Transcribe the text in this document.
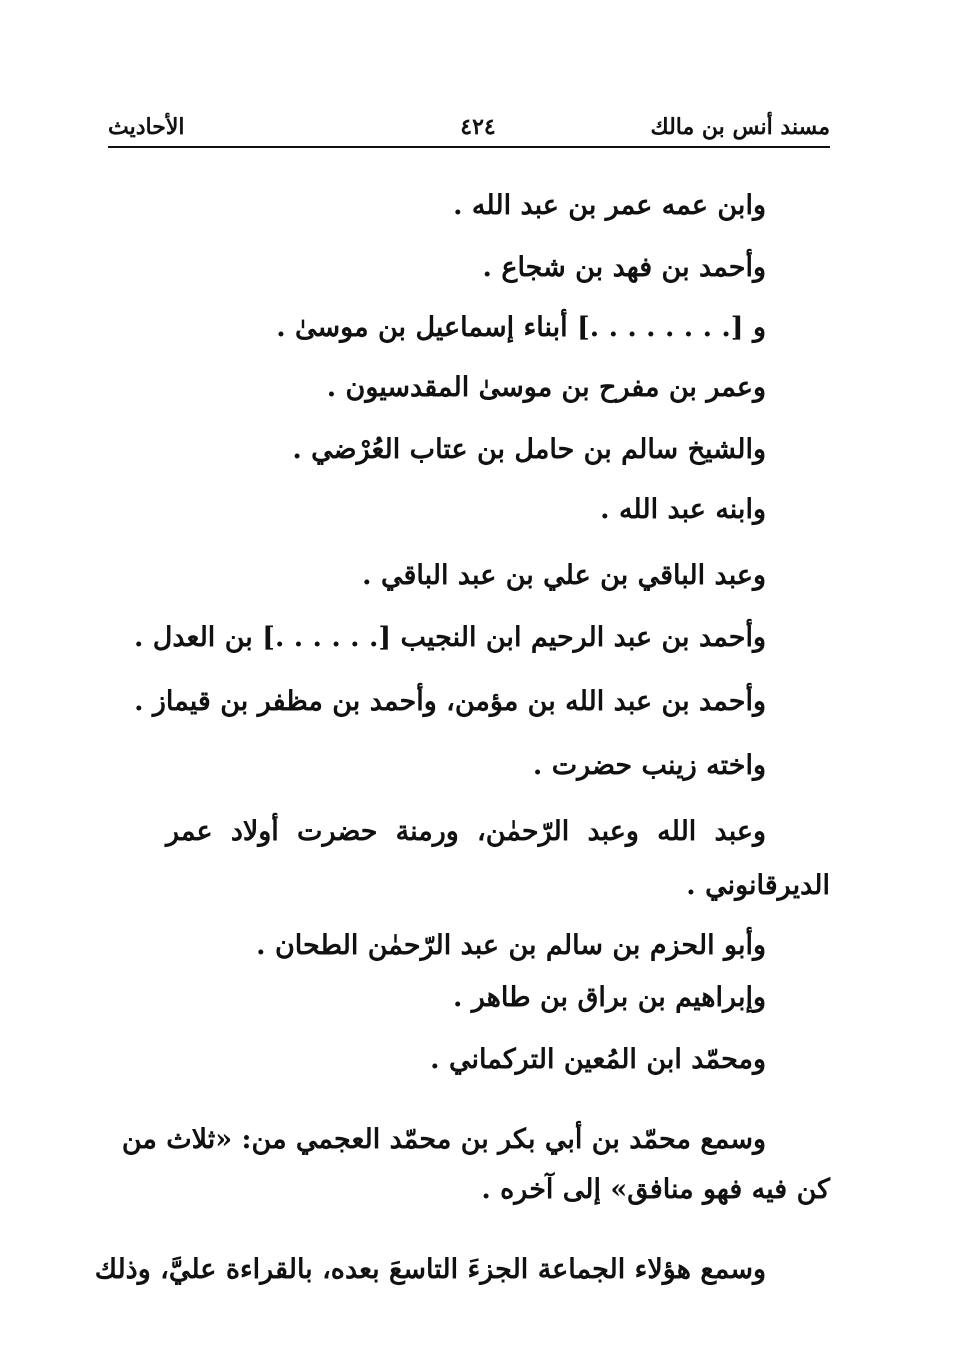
مسند أنس بن مالك
٤٢٤
الأحاديث
وابن عمه عمر بن عبد الله .
وأحمد بن فهد بن شجاع .
و [. . . . . . . .] أبناء إسماعيل بن موسىٰ .
وعمر بن مفرح بن موسىٰ المقدسيون .
والشيخ سالم بن حامل بن عتاب العُرْضي .
وابنه عبد الله .
وعبد الباقي بن علي بن عبد الباقي .
وأحمد بن عبد الرحيم ابن النجيب [. . . . . .] بن العدل .
وأحمد بن عبد الله بن مؤمن، وأحمد بن مظفر بن قيماز .
واخته زينب حضرت .
وعبد الله وعبد الرّحمٰن، ورمنة حضرت أولاد عمر
الديرقانوني .
وأبو الحزم بن سالم بن عبد الرّحمٰن الطحان .
وإبراهيم بن براق بن طاهر .
ومحمّد ابن المُعين التركماني .
وسمع محمّد بن أبي بكر بن محمّد العجمي من: «ثلاث من
كن فيه فهو منافق» إلى آخره .
وسمع هؤلاء الجماعة الجزءَ التاسعَ بعده، بالقراءة عليَّ، وذلك
